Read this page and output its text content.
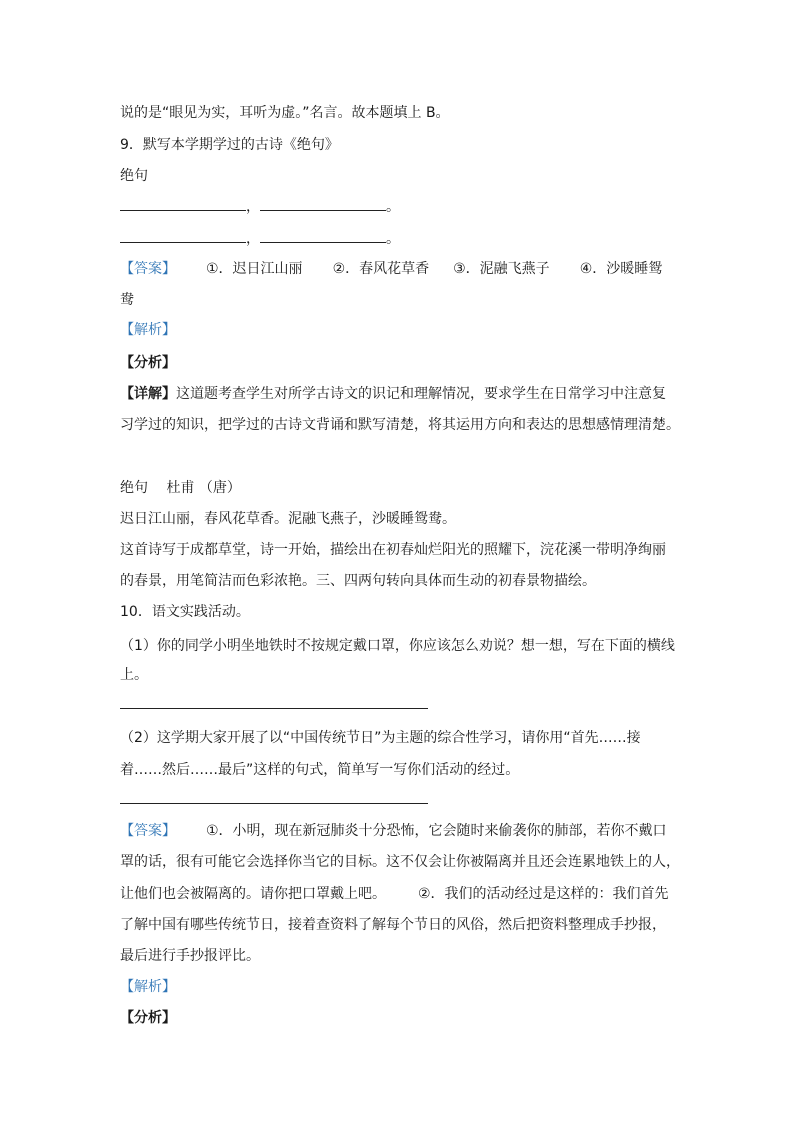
说的是“眼见为实，耳听为虚。”名言。故本题填上 B。
9．默写本学期学过的古诗《绝句》
绝句
，	。
，	。
【答案】 ①．迟日江山丽 ②．春风花草香 ③．泥融飞燕子 ④．沙暖睡鸳
鸯
【解析】
【分析】
【详解】这道题考查学生对所学古诗文的识记和理解情况，要求学生在日常学习中注意复
习学过的知识，把学过的古诗文背诵和默写清楚，将其运用方向和表达的思想感情理清楚。
绝句　 杜甫 （唐）
迟日江山丽，春风花草香。泥融飞燕子，沙暖睡鸳鸯。
这首诗写于成都草堂，诗一开始，描绘出在初春灿烂阳光的照耀下，浣花溪一带明净绚丽
的春景，用笔简洁而色彩浓艳。三、四两句转向具体而生动的初春景物描绘。
10．语文实践活动。
（1）你的同学小明坐地铁时不按规定戴口罩，你应该怎么劝说？想一想，写在下面的横线
上。
（2）这学期大家开展了以“中国传统节日”为主题的综合性学习，请你用“首先……接
着……然后……最后”这样的句式，简单写一写你们活动的经过。
【答案】 ①．小明，现在新冠肺炎十分恐怖，它会随时来偷袭你的肺部，若你不戴口
罩的话，很有可能它会选择你当它的目标。这不仅会让你被隔离并且还会连累地铁上的人，
让他们也会被隔离的。请你把口罩戴上吧。 ②．我们的活动经过是这样的：我们首先
了解中国有哪些传统节日，接着查资料了解每个节日的风俗，然后把资料整理成手抄报，
最后进行手抄报评比。
【解析】
【分析】
